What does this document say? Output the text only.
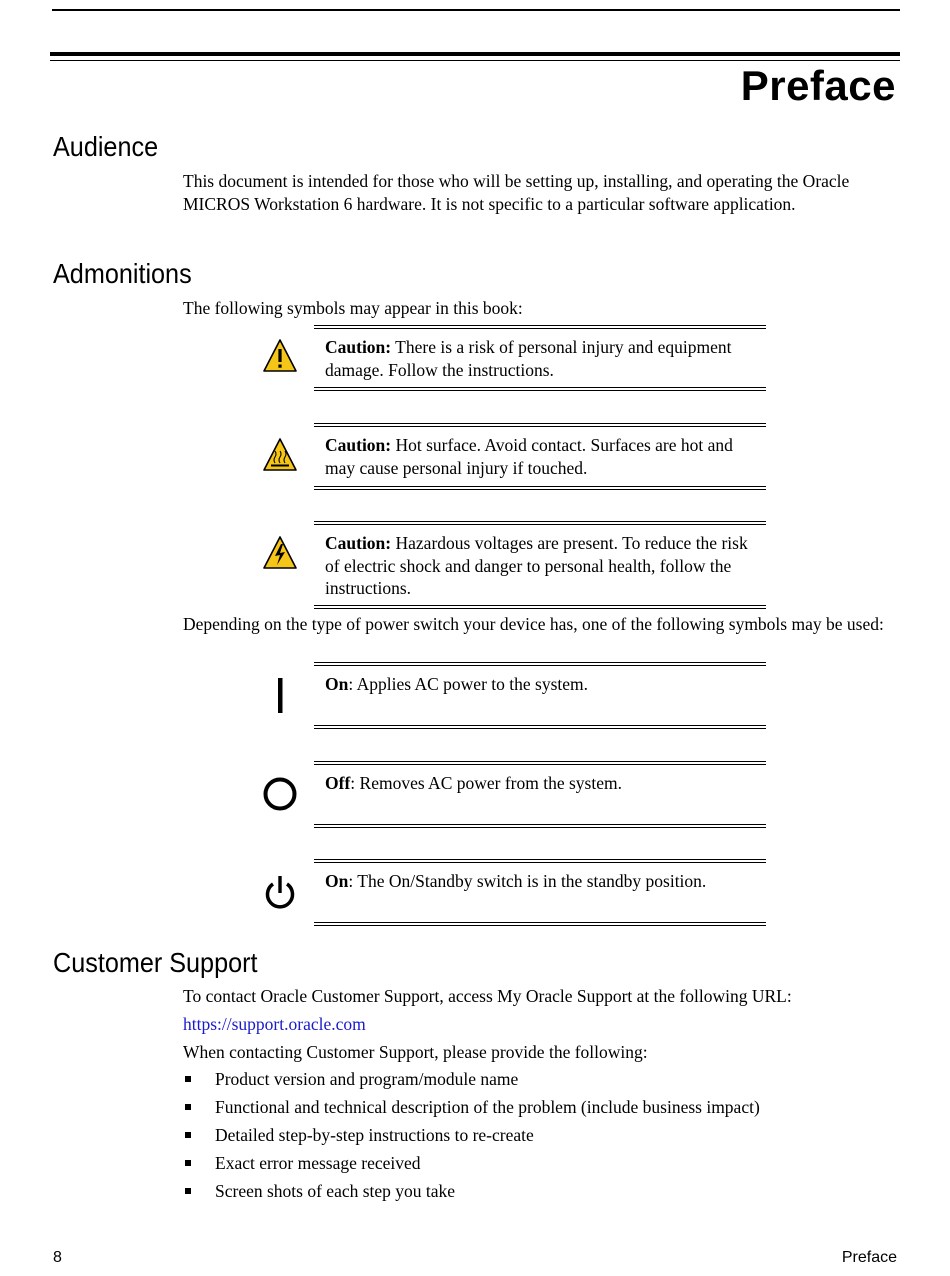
Preface
Audience
This document is intended for those who will be setting up, installing, and operating the Oracle MICROS Workstation 6 hardware. It is not specific to a particular software application.
Admonitions
The following symbols may appear in this book:
Caution: There is a risk of personal injury and equipment damage. Follow the instructions.
Caution: Hot surface. Avoid contact. Surfaces are hot and may cause personal injury if touched.
Caution: Hazardous voltages are present. To reduce the risk of electric shock and danger to personal health, follow the instructions.
Depending on the type of power switch your device has, one of the following symbols may be used:
On: Applies AC power to the system.
Off: Removes AC power from the system.
On: The On/Standby switch is in the standby position.
Customer Support
To contact Oracle Customer Support, access My Oracle Support at the following URL:
https://support.oracle.com
When contacting Customer Support, please provide the following:
Product version and program/module name
Functional and technical description of the problem (include business impact)
Detailed step-by-step instructions to re-create
Exact error message received
Screen shots of each step you take
8	Preface
